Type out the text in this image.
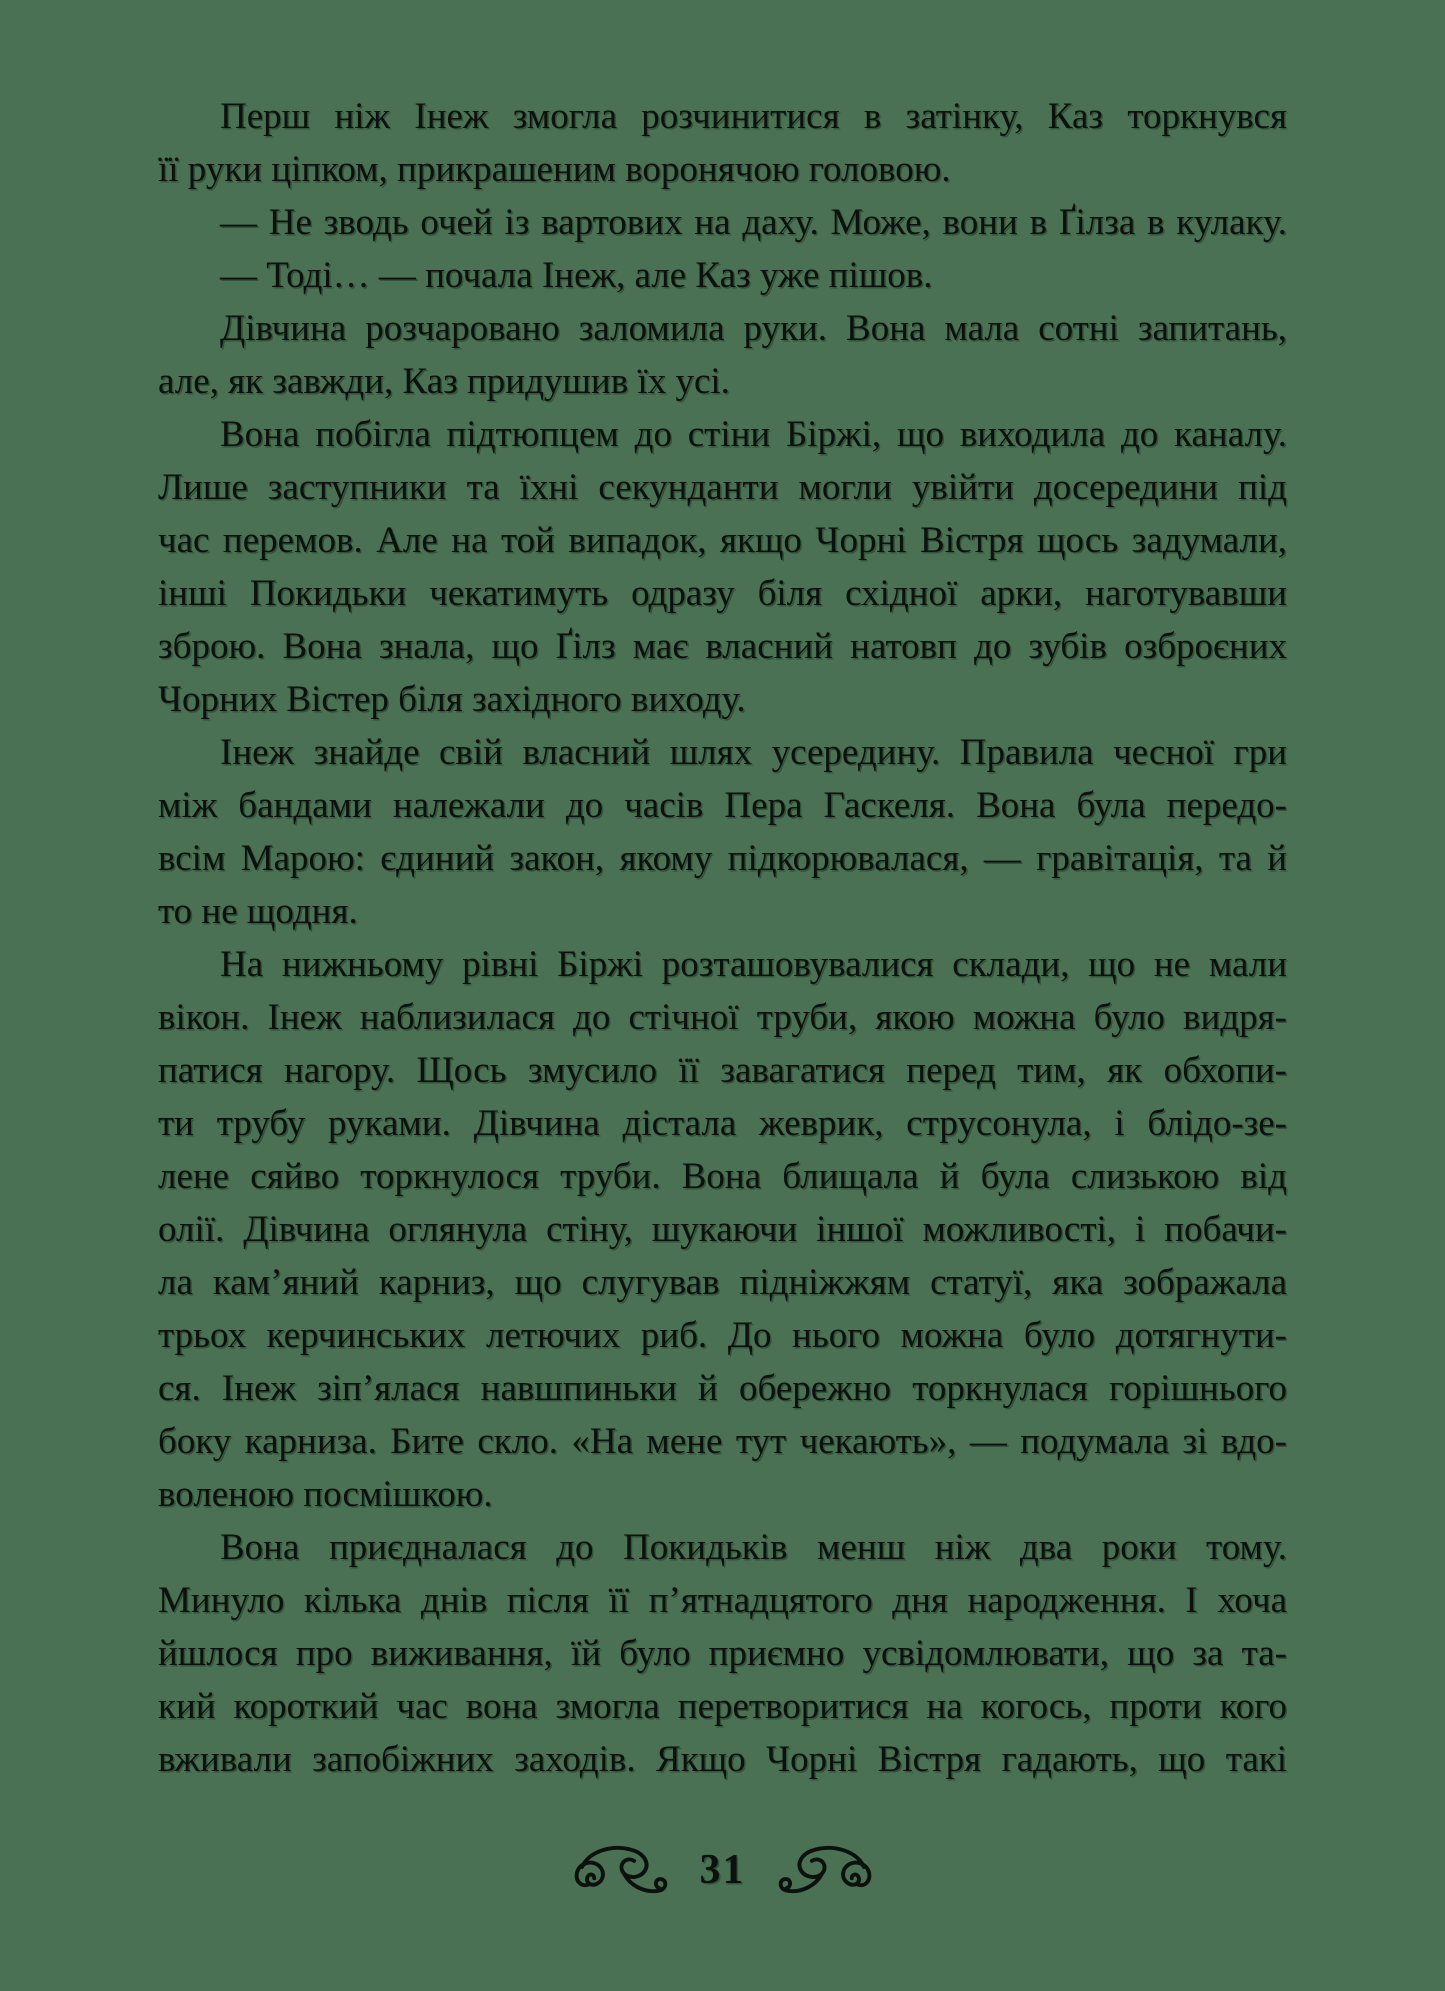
Перш ніж Інеж змогла розчинитися в затінку, Каз торкнувся
її руки ціпком, прикрашеним воронячою головою.
— Не зводь очей із вартових на даху. Може, вони в Ґілза в кулаку.
— Тоді… — почала Інеж, але Каз уже пішов.
Дівчина розчаровано заломила руки. Вона мала сотні запитань,
але, як завжди, Каз придушив їх усі.
Вона побігла підтюпцем до стіни Біржі, що виходила до каналу.
Лише заступники та їхні секунданти могли увійти досередини під
час перемов. Але на той випадок, якщо Чорні Вістря щось задумали,
інші Покидьки чекатимуть одразу біля східної арки, наготувавши
зброю. Вона знала, що Ґілз має власний натовп до зубів озброєних
Чорних Вістер біля західного виходу.
Інеж знайде свій власний шлях усередину. Правила чесної гри
між бандами належали до часів Пера Гаскеля. Вона була передо-
всім Марою: єдиний закон, якому підкорювалася, — гравітація, та й
то не щодня.
На нижньому рівні Біржі розташовувалися склади, що не мали
вікон. Інеж наблизилася до стічної труби, якою можна було видря-
патися нагору. Щось змусило її завагатися перед тим, як обхопи-
ти трубу руками. Дівчина дістала жеврик, струсонула, і блідо-зе-
лене сяйво торкнулося труби. Вона блищала й була слизькою від
олії. Дівчина оглянула стіну, шукаючи іншої можливості, і побачи-
ла кам’яний карниз, що слугував підніжжям статуї, яка зображала
трьох керчинських летючих риб. До нього можна було дотягнути-
ся. Інеж зіп’ялася навшпиньки й обережно торкнулася горішнього
боку карниза. Бите скло. «На мене тут чекають», — подумала зі вдо-
воленою посмішкою.
Вона приєдналася до Покидьків менш ніж два роки тому.
Минуло кілька днів після її п’ятнадцятого дня народження. І хоча
йшлося про виживання, їй було приємно усвідомлювати, що за та-
кий короткий час вона змогла перетворитися на когось, проти кого
вживали запобіжних заходів. Якщо Чорні Вістря гадають, що такі
31
